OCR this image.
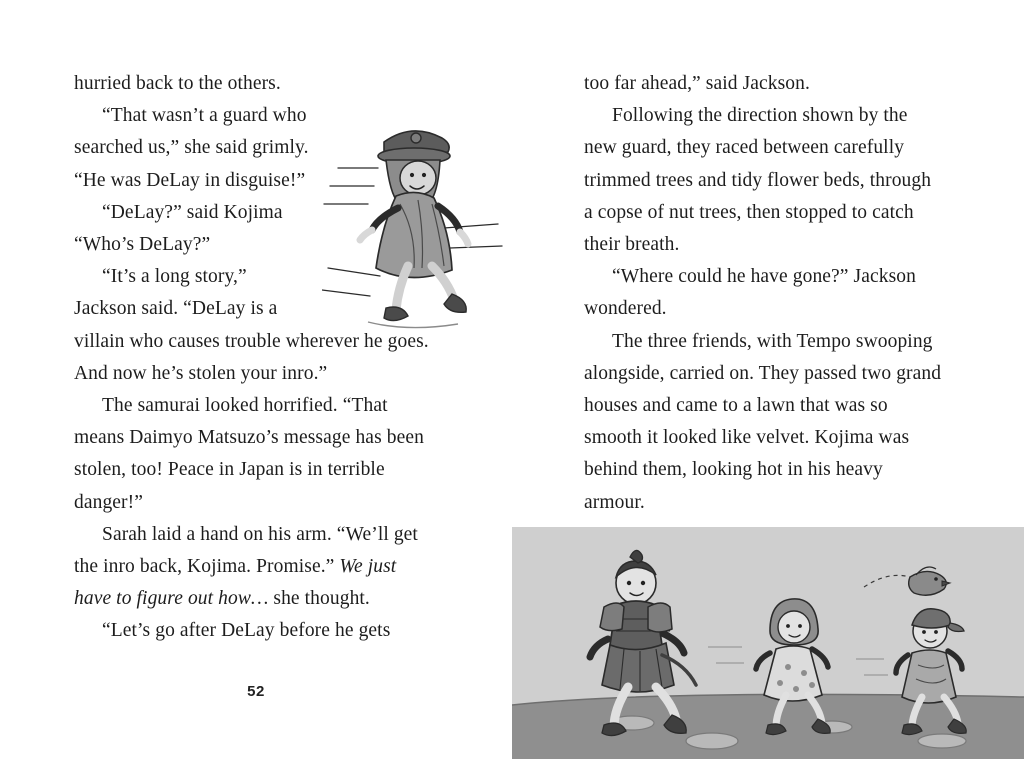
hurried back to the others.

“That wasn’t a guard who searched us,” she said grimly. “He was DeLay in disguise!”

“DeLay?” said Kojima “Who’s DeLay?”

“It’s a long story,” Jackson said. “DeLay is a villain who causes trouble wherever he goes. And now he’s stolen your inro.”

The samurai looked horrified. “That means Daimyo Matsuzo’s message has been stolen, too! Peace in Japan is in terrible danger!”

Sarah laid a hand on his arm. “We’ll get the inro back, Kojima. Promise.” We just have to figure out how… she thought.

“Let’s go after DeLay before he gets

52

too far ahead,” said Jackson.

Following the direction shown by the new guard, they raced between carefully trimmed trees and tidy flower beds, through a copse of nut trees, then stopped to catch their breath.

“Where could he have gone?” Jackson wondered.

The three friends, with Tempo swooping alongside, carried on. They passed two grand houses and came to a lawn that was so smooth it looked like velvet. Kojima was behind them, looking hot in his heavy armour.
